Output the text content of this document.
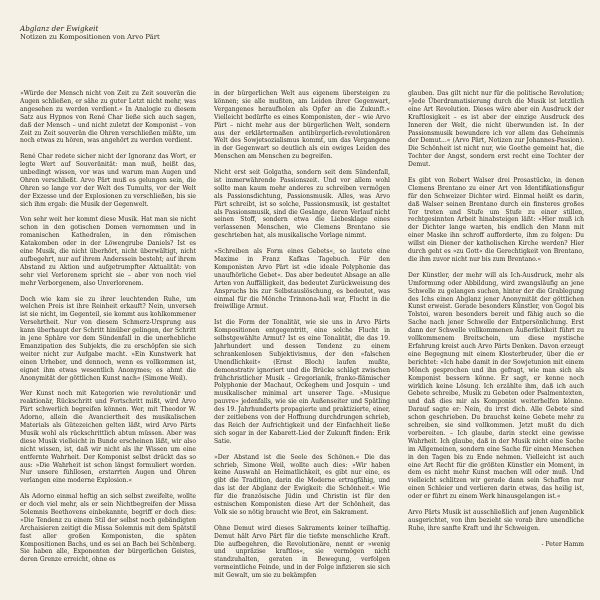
Abglanz der Ewigkeit

Notizen zu Kompositionen von Arvo Pärt

»Würde der Mensch nicht von Zeit zu Zeit souverän die Augen schließen, er sähe zu guter Letzt nicht mehr, was angesehen zu werden verdient.« In Analogie zu diesem Satz aus Hypnos von René Char ließe sich auch sagen, daß der Mensch – und nicht zuletzt der Komponist – von Zeit zu Zeit souverän die Ohren verschließen müßte, um noch etwas zu hören, was angehört zu werden verdient.

René Char redete sicher nicht der Ignoranz das Wort, er legte Wert auf Souveränität: man muß, heißt das, unbedingt wissen, vor was und warum man Augen und Ohren verschließt. Arvo Pärt muß es gelungen sein, die Ohren so lange vor der Welt des Tumults, vor der Welt der Exzesse und der Explosionen zu verschließen, bis sie sich ihm ergab: die Musik der Gegenwelt.

Von sehr weit her kommt diese Musik. Hat man sie nicht schon in den gotischen Domen vernommen und in romanischen Kathedralen, in den römischen Katakomben oder in der Löwengrube Daniels? Ist es eine Musik, die nicht überhört, nicht überwältigt, nicht aufbegehrt, nur auf ihrem Anderssein besteht; auf ihrem Abstand zu Aktion und aufgetrumpfter Aktualität: von sehr viel Verlorenem spricht sie – aber von noch viel mehr Verborgenem, also Unverlorenem.

Doch wie kam sie zu ihrer leuchtenden Ruhe, um welchen Preis ist ihre Reinheit erkauft? Nein, unverseh ist sie nicht, im Gegenteil, sie kommt aus kohlkommener Versehrtheit. Nur von diesem Schmerz-Ursprung aus kann überhaupt der Schritt hinüber gelingen, der Schritt in jene Sphäre vor dem Sündenfall in die unerhebliche Emanzipation des Subjekts, die zu erschöpfen sie sich weiter nicht zur Aufgabe macht. »Ein Kunstwerk hat einen Urheber, und dennoch, wenn es vollkommen ist, eignet ihm etwas wesentlich Anonymes; es ahmt die Anonymität der göttlichen Kunst nach« (Simone Weil).

Wer Kunst noch mit Kategorien wie revolutionär und reaktionär, Rückschritt und Fortschritt mißt, wird Arvo Pärt schwerlich begreifen können. Wer, mit Theodor W. Adorno, allein die Avanciertheit des musikalischen Materials als Gütezeichen gelten läßt, wird Arvo Pärts Musik wohl als rückschrittlich abtun müssen. Aber was diese Musik vielleicht in Bunde erscheinen läßt, wir also nicht wissen, ist, daß wir nicht als ihr Wissen um eine entfernte Wahrheit. Der Komponist selbst drückt das so aus: »Die Wahrheit ist schon längst formuliert worden. Nur unsere fühllosen, erstarrten Augen und Ohren verlangen eine moderne Explosion.«

Als Adorno einmal heftig an sich selbst zweifelte, wollte er doch viel mehr, als er sein Nichtbegreifen der Missa Solemnis Beethovens einbekannte, begriff er doch dies: »Die Tendenz zu einem Stil der selbst noch gebändigten Archaisieren zeitigt die Missa Solemnis mit dem Spätstil fast aller großen Komponisten, die späten Kompositionen Bachs, und es sei an Bach bei Schönberg. Sie haben alle, Exponenten der bürgerlichen Geistes, deren Grenze erreicht, ohne es

in der bürgerlichen Welt aus eigenem übersteigen zu können; sie alle mußten, am Leiden ihrer Gegenwart, Vergangenes heraufholen als Opfer an die Zukunft.« Vielleicht bedürfte es eines Komponisten, der – wie Arvo Pärt – nicht mehr aus der bürgerlichen Welt, sondern aus der erklärtermaßen antibürgerlich-revolutionären Welt des Sowjetsozialismus kommt, um das Vergangene in der Gegenwart so deutlich als ein ewiges Leiden des Menschen am Menschen zu begreifen.

Nicht erst seit Golgatha, sondern seit dem Sündenfall, ist immerwährende Passionszeit. Und vor allem wohl sollte man kaum mehr anderes zu schreiben vermögen als Passionsdichtung, Passionsmusik. Alles, was Arvo Pärt schreibt, ist so solche, Passionsmusik, ist gestaltet als Passionsmusik, sind die Gesänge, deren Verlauf nicht seinen Stoff, sondern etwa die Liebesklage eines verlassenen Menschen, wie Clemens Brentano sie geschrieben hat, als musikalische Vorlage nimmt.

»Schreiben als Form eines Gebets«, so lautete eine Maxime in Franz Kafkas Tagebuch. Für den Komponisten Arvo Pärt ist »die ideale Polyphonie das unaufhörliche Gebet«. Das aber bedeutet Absage an alle Arten von Auffälligkeit, das bedeutet Zurückweisung des Anspruchs bis zur Selbstauslöschung, es bedeutet, was einmal für die Mönche Trinnona-hali war, Flucht in die freiwillige Armut.

Ist die Form der Tonalität, wie sie uns in Arvo Pärts Kompositionen entgegentritt, eine solche Flucht in selbstgewählte Armut? Ist es eine Tonalität, die das 19. Jahrhundert und dessen Tendenz zu einem schrankenlosen Subjektivismus, der den »falschen Unendlichkeit« (Ernst Bloch) laufen mußte, demonstrativ ignoriert und die Brücke schlägt zwischen frühchristlicher Musik – Gregorianik, franko-flämischer Polyphonie der Machaut, Ockeghem und Josquin – und musikalischer minimal art unserer Tage. »Musique pauvre« jedenfalls, wie sie ein Außenseiter und Spätling des 19. Jahrhunderts propagierte und praktizierte, einer, der zeitlebens von der Hoffnung durchdrungen schrieb, das Reich der Aufrichtigkeit und der Einfachheit ließe sich sogar in der Kabarett-Lied der Zukunft finden: Erik Satie.

»Der Abstand ist die Seele des Schönen.« Die das schrieb, Simone Weil, wollte auch dies: »Wir haben keine Auswahl an Heimatlichkeit, es gibt nur eine, es gibt die Tradition, darin die Moderne ertragfähig, und das ist der Abglanz der Ewigkeit: die Schönheit.« Wie für die französische Jüdin und Christin ist für den estnischen Komponisten diese Art der Schönheit, das Volk sie so nötig braucht wie Brot, ein Sakrament.

Ohne Demut wird dieses Sakraments keiner teilhaftig. Demut hält Arvo Pärt für die tiefste menschliche Kraft. Die aufbegehren, die Revolutionäre, nennt er »wenig und unpräzise kraftlos«, sie vermögen nicht standzuhalten, geraten in Bewegung, verfolgen vermeintliche Feinde, und in der Folge infizieren sie sich mit Gewalt, um sie zu bekämpfen

glauben. Das gilt nicht nur für die politische Revolution; »Jede Überdramatisierung durch die Musik ist letztlich eine Art Revolution. Dieses wäre aber ein Ausdruck der Kraftlosigkeit – es ist aber der einzige Ausdruck des Inneren der Welt, die nicht überwunden ist. In der Passionsmusik bewundere ich vor allem das Geheimnis der Demut...« (Arvo Pärt, Notizen zur Johannes-Passion). Die Schönheit ist nicht nur, wie Goethe gemeint hat, die Tochter der Angst, sondern erst recht eine Tochter der Demut.

Es gibt von Robert Walser drei Prosastücke, in denen Clemens Brentano zu einer Art von Identifikationsfigur für den Schweizer Dichter wird. Einmal heißt es darin, daß Walser seinen Brentano durch ein finsteres großes Tor treten und Stufe um Stufe zu einer stillen, rechtgesinnten Arbeit hinabsteigen läßt: »Hier muß ich der Dichter lange warten, bis endlich den Mann mit einer Maske ihn schroff aufforderte, ihm zu folgen: Du willst ein Diener der katholischen Kirche werden? Hier durch geht es »zu Gott« die Gerechtigkeit von Brentano, die ihm zuvor nicht nur bis zum Brentano.«

Der Künstler, der mehr will als Ich-Ausdruck, mehr als Umformung oder Abbildung, wird zwangsläufig an jene Schwelle zu gelangen suchen, hinter der die Grablegung des Ichs einen Abglanz jener Anonymität der göttlichen Kunst erweist. Gerade besonders Künstler, von Gogol bis Tolstoi, waren besonders bereit und fähig auch so die Sache nach jener Schwelle der Entpersönlichung. Erst dann der Schwelle vollkommenen Äußerlichkeit führt zu vollkommenem Breitschein, um diese mystische Erfahrung kreist auch Arvo Pärts Denken. Davon erzeugt eine Begegnung mit einem Klosterbruder, über die er berichtet: »Ich habe damit in der Sowjetunion mit einem Mönch gesprochen und ihn gefragt, wie man sich als Komponist bessern könne. Er sagt, er kenne noch wirklich keine Lösung. Ich erzählte ihm, daß ich auch Gebete schreibe, Musik zu Gebeten oder Psalmentexten, und daß dies mir als Komponist weiterhelfen könne. Darauf sagte er: Nein, du irrst dich. Alle Gebete sind schon geschrieben. Du brauchst keine Gebete mehr zu schreiben, sie sind vollkommen. Jetzt mußt du dich vorbereiten. – Ich glaube, darin steckt eine gewisse Wahrheit. Ich glaube, daß in der Musik nicht eine Sache im Allgemeinen, sondern eine Sache für einen Menschen in den Tagen bis zu Ende nehmen. Vielleicht ist auch eine Art Recht für die größten Künstler ein Moment, in dem es nicht mehr Kunst machen will oder muß. Und vielleicht schlitzen wir gerade dann sein Schaffen nur einen Schleier und verlieren darin etwas, das heilig ist, oder er führt zu einem Werk hinausgelangen ist.«

Arvo Pärts Musik ist ausschließlich auf jenen Augenblick ausgerichtet, von ihm bezieht sie vorab ihre unendliche Ruhe, ihre sanfte Kraft und ihr Schweigen.

- Peter Hamm
